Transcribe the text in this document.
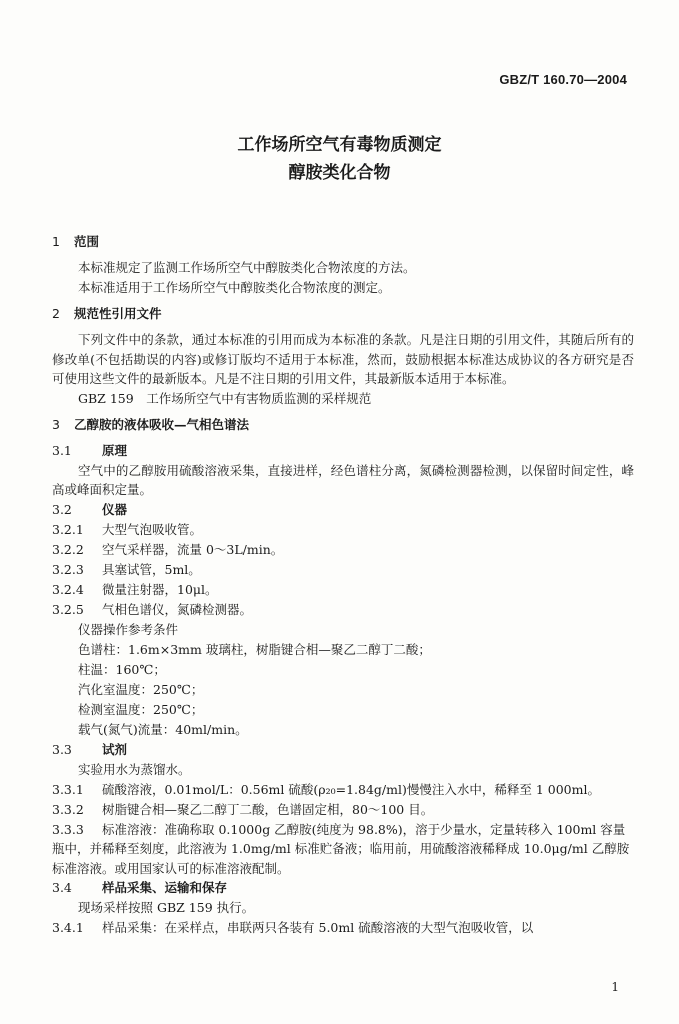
GBZ/T 160.70—2004
工作场所空气有毒物质测定
醇胺类化合物
1 范围
本标准规定了监测工作场所空气中醇胺类化合物浓度的方法。
本标准适用于工作场所空气中醇胺类化合物浓度的测定。
2 规范性引用文件
下列文件中的条款，通过本标准的引用而成为本标准的条款。凡是注日期的引用文件，其随后所有的修改单(不包括勘误的内容)或修订版均不适用于本标准，然而，鼓励根据本标准达成协议的各方研究是否可使用这些文件的最新版本。凡是不注日期的引用文件，其最新版本适用于本标准。
GBZ 159　工作场所空气中有害物质监测的采样规范
3 乙醇胺的液体吸收—气相色谱法
3.1 原理
空气中的乙醇胺用硫酸溶液采集，直接进样，经色谱柱分离，氮磷检测器检测，以保留时间定性，峰高或峰面积定量。
3.2 仪器
3.2.1 大型气泡吸收管。
3.2.2 空气采样器，流量 0～3L/min。
3.2.3 具塞试管，5ml。
3.2.4 微量注射器，10μl。
3.2.5 气相色谱仪，氮磷检测器。
仪器操作参考条件
色谱柱：1.6m×3mm 玻璃柱，树脂键合相—聚乙二醇丁二酸；
柱温：160℃；
汽化室温度：250℃；
检测室温度：250℃；
载气(氮气)流量：40ml/min。
3.3 试剂
实验用水为蒸馏水。
3.3.1 硫酸溶液，0.01mol/L：0.56ml 硫酸(ρ₂₀=1.84g/ml)慢慢注入水中，稀释至 1 000ml。
3.3.2 树脂键合相—聚乙二醇丁二酸，色谱固定相，80～100 目。
3.3.3 标准溶液：准确称取 0.1000g 乙醇胺(纯度为 98.8%)，溶于少量水，定量转移入 100ml 容量瓶中，并稀释至刻度，此溶液为 1.0mg/ml 标准贮备液；临用前，用硫酸溶液稀释成 10.0μg/ml 乙醇胺标准溶液。或用国家认可的标准溶液配制。
3.4 样品采集、运输和保存
现场采样按照 GBZ 159 执行。
3.4.1 样品采集：在采样点，串联两只各装有 5.0ml 硫酸溶液的大型气泡吸收管，以
1
